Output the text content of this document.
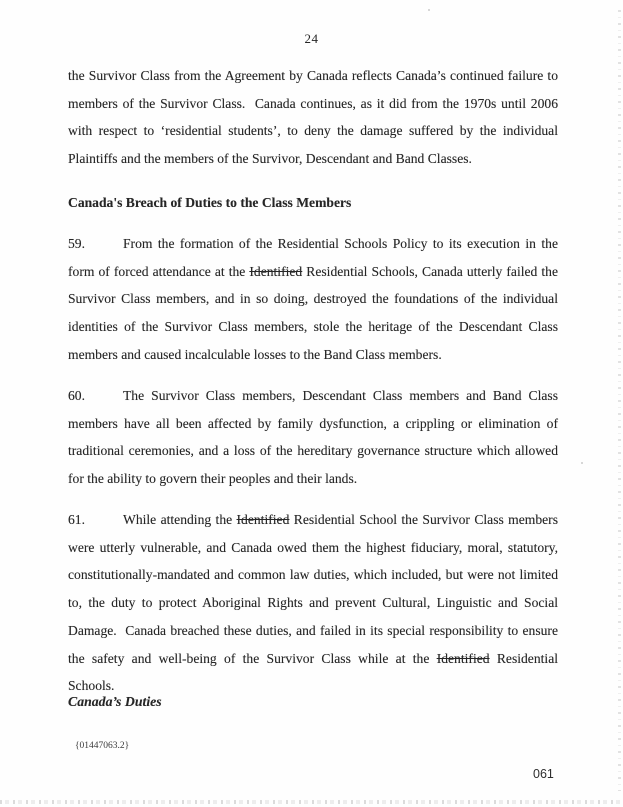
24

the Survivor Class from the Agreement by Canada reflects Canada’s continued failure to members of the Survivor Class.  Canada continues, as it did from the 1970s until 2006 with respect to ‘residential students’, to deny the damage suffered by the individual Plaintiffs and the members of the Survivor, Descendant and Band Classes.

Canada's Breach of Duties to the Class Members

59.	From the formation of the Residential Schools Policy to its execution in the form of forced attendance at the Identified Residential Schools, Canada utterly failed the Survivor Class members, and in so doing, destroyed the foundations of the individual identities of the Survivor Class members, stole the heritage of the Descendant Class members and caused incalculable losses to the Band Class members.

60.	The Survivor Class members, Descendant Class members and Band Class members have all been affected by family dysfunction, a crippling or elimination of traditional ceremonies, and a loss of the hereditary governance structure which allowed for the ability to govern their peoples and their lands.

61.	While attending the Identified Residential School the Survivor Class members were utterly vulnerable, and Canada owed them the highest fiduciary, moral, statutory, constitutionally-mandated and common law duties, which included, but were not limited to, the duty to protect Aboriginal Rights and prevent Cultural, Linguistic and Social Damage.  Canada breached these duties, and failed in its special responsibility to ensure the safety and well-being of the Survivor Class while at the Identified Residential Schools.

Canada’s Duties
{01447063.2}
061
